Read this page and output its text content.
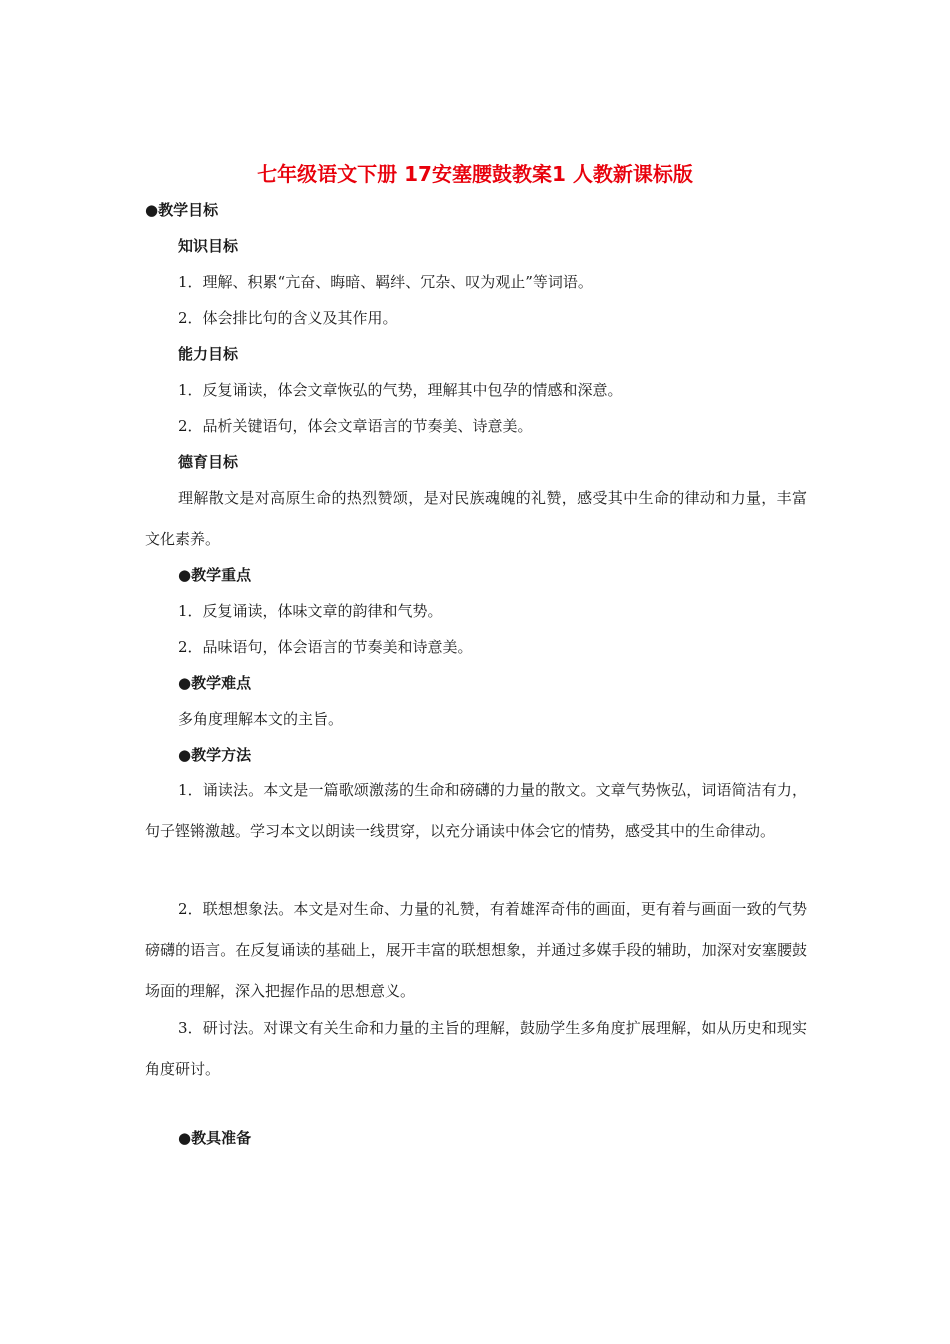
七年级语文下册 17安塞腰鼓教案1 人教新课标版
●教学目标
知识目标
1．理解、积累“亢奋、晦暗、羁绊、冗杂、叹为观止”等词语。
2．体会排比句的含义及其作用。
能力目标
1．反复诵读，体会文章恢弘的气势，理解其中包孕的情感和深意。
2．品析关键语句，体会文章语言的节奏美、诗意美。
德育目标
理解散文是对高原生命的热烈赞颂，是对民族魂魄的礼赞，感受其中生命的律动和力量，丰富文化素养。
●教学重点
1．反复诵读，体味文章的韵律和气势。
2．品味语句，体会语言的节奏美和诗意美。
●教学难点
多角度理解本文的主旨。
●教学方法
1．诵读法。本文是一篇歌颂激荡的生命和磅礴的力量的散文。文章气势恢弘，词语简洁有力，句子铿锵激越。学习本文以朗读一线贯穿，以充分诵读中体会它的情势，感受其中的生命律动。
2．联想想象法。本文是对生命、力量的礼赞，有着雄浑奇伟的画面，更有着与画面一致的气势磅礴的语言。在反复诵读的基础上，展开丰富的联想想象，并通过多媒手段的辅助，加深对安塞腰鼓场面的理解，深入把握作品的思想意义。
3．研讨法。对课文有关生命和力量的主旨的理解，鼓励学生多角度扩展理解，如从历史和现实角度研讨。
●教具准备
